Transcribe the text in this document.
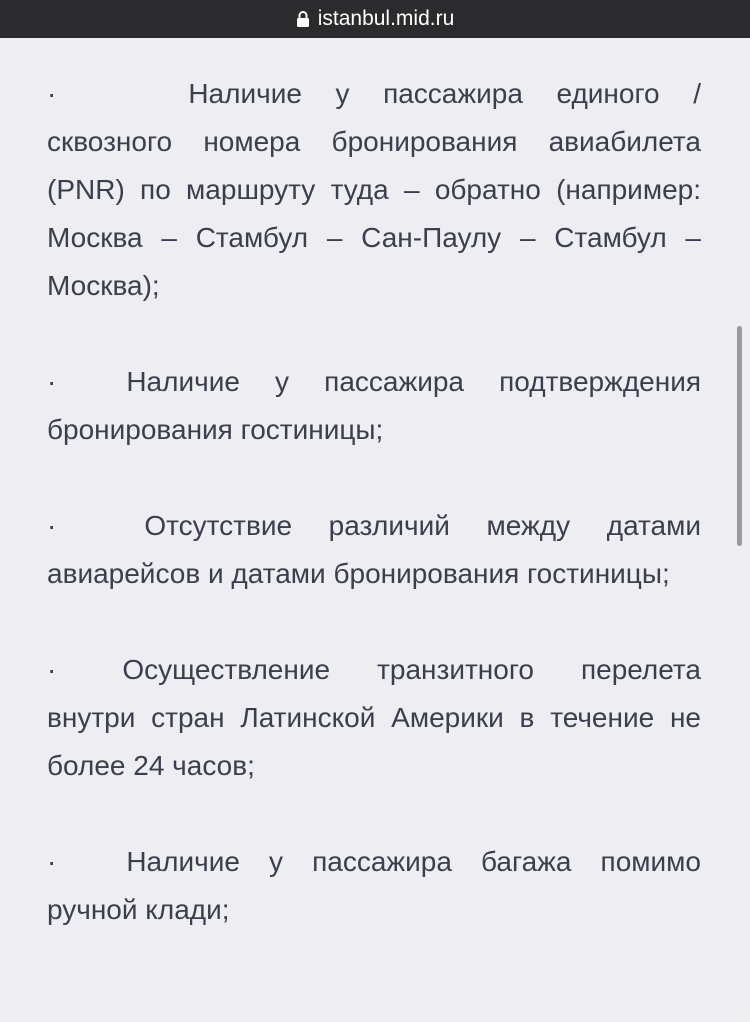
istanbul.mid.ru

·	Наличие у пассажира единого / сквозного номера бронирования авиабилета (PNR) по маршруту туда – обратно (например: Москва – Стамбул – Сан-Паулу – Стамбул – Москва);

·	Наличие у пассажира подтверждения бронирования гостиницы;

·	Отсутствие различий между датами авиарейсов и датами бронирования гостиницы;

· Осуществление транзитного перелета внутри стран Латинской Америки в течение не более 24 часов;

·	Наличие у пассажира багажа помимо ручной клади;
